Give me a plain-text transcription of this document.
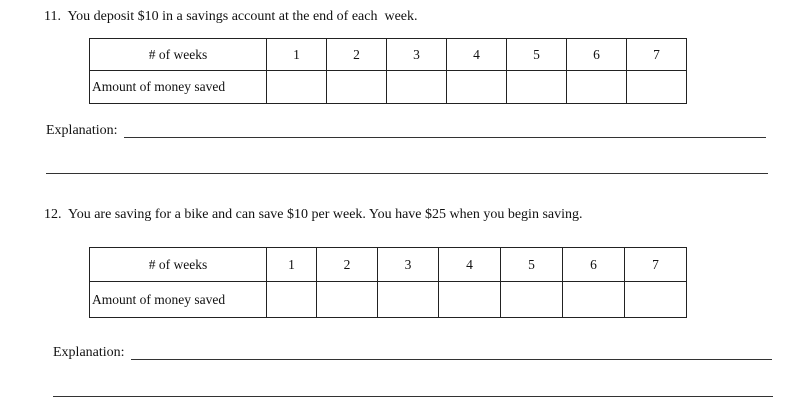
11.  You deposit $10 in a savings account at the end of each  week.
# of weeks	1	2	3	4	5	6	7
Amount of money saved							
Explanation:
12.  You are saving for a bike and can save $10 per week. You have $25 when you begin saving.
# of weeks	1	2	3	4	5	6	7
Amount of money saved							
Explanation:
